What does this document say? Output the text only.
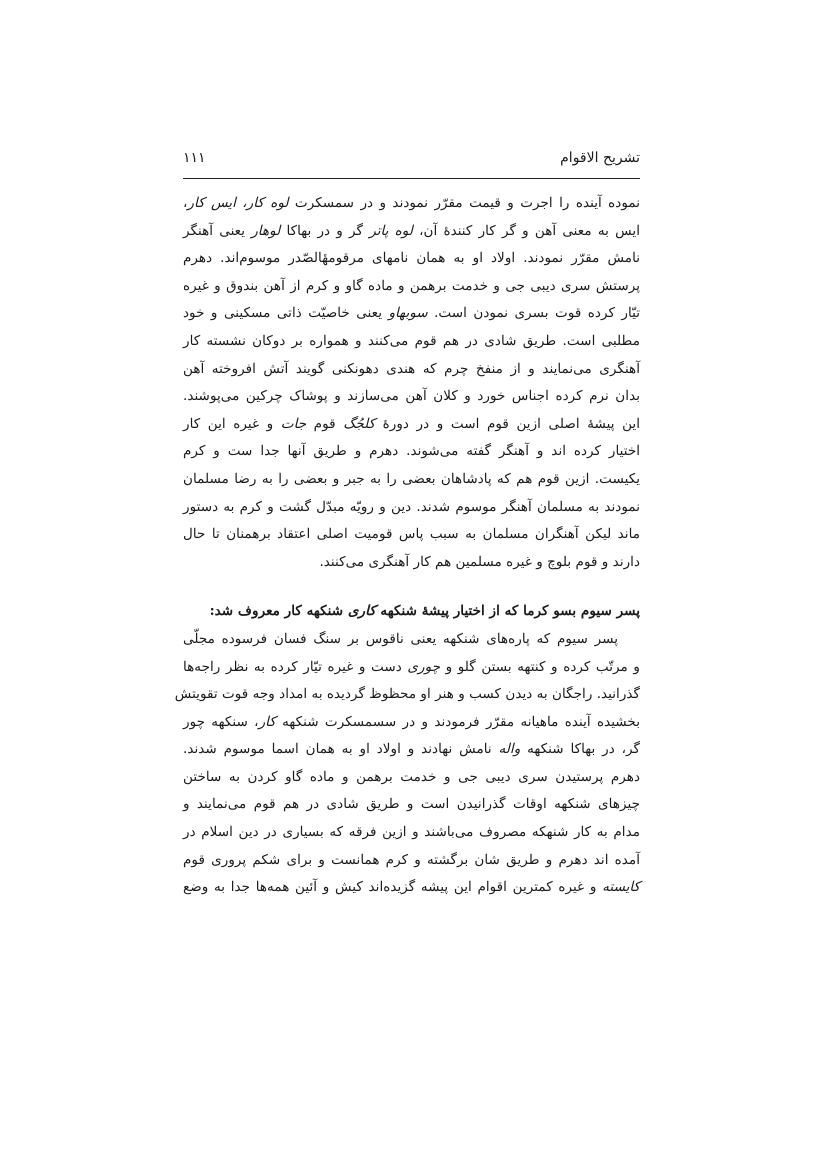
تشریح الاقوام
۱۱۱
نموده آینده را اجرت و قیمت مقرّر نمودند و در سمسکرت لوه کار، ایس کار،
ایس به معنی آهن و گر کار کنندهٔ آن، لوه پاتر گر و در بهاکا لوهار یعنی آهنگر
نامش مقرّر نمودند. اولاد او به همان نامهای مرقومهٔالصّدر موسوم‌اند. دهرم
پرستش سری دیبی جی و خدمت برهمن و ماده گاو و کرم از آهن بندوق و غیره
تیّار کرده قوت بسری نمودن است. سوبهاو یعنی خاصیّت ذاتی مسکینی و خود
مطلبی است. طریق شادی در هم قوم می‌کنند و همواره بر دوکان نشسته کار
آهنگری می‌نمایند و از منفخ چرم که هندی دهونکنی گویند آتش افروخته آهن
بدان نرم کرده اجناس خورد و کلان آهن می‌سازند و پوشاک چرکین می‌پوشند.
این پیشهٔ اصلی ازین قوم است و در دورهٔ کلجُگ قوم جات و غیره این کار
اختیار کرده اند و آهنگر گفته می‌شوند. دهرم و طریق آنها جدا ست و کرم
یکیست. ازین قوم هم که پادشاهان بعضی را به جبر و بعضی را به رضا مسلمان
نمودند به مسلمان آهنگر موسوم شدند. دین و رویّه مبدّل گشت و کرم به دستور
ماند لیکن آهنگران مسلمان به سبب پاس قومیت اصلی اعتقاد برهمنان تا حال
دارند و قوم بلوچ و غیره مسلمین هم کار آهنگری می‌کنند.
پسر سیوم بسو کرما که از اختیار پیشهٔ شنکهه کاری شنکهه کار معروف شد:
پسر سیوم که پاره‌های شنکهه یعنی ناقوس بر سنگ فسان فرسوده مجلّی
و مرتّب کرده و کنتهه بستن گلو و چوری دست و غیره تیّار کرده به نظر راجه‌ها
گذرانید. راجگان به دیدن کسب و هنر او محظوظ گردیده به امداد وجه قوت تقویتش
بخشیده آینده ماهیانه مقرّر فرمودند و در سسمسکرت شنکهه کار، سنکهه چور
گر، در بهاکا شنکهه واله نامش نهادند و اولاد او به همان اسما موسوم شدند.
دهرم پرستیدن سری دیبی جی و خدمت برهمن و ماده گاو کردن به ساختن
چیزهای شنکهه اوقات گذرانیدن است و طریق شادی در هم قوم می‌نمایند و
مدام به کار شنهکه مصروف می‌باشند و ازین فرقه که بسیاری در دین اسلام در
آمده اند دهرم و طریق شان برگشته و کرم همانست و برای شکم پروری قوم
کایسته و غیره کمترین اقوام این پیشه گزیده‌اند کیش و آئین همه‌ها جدا به وضع
